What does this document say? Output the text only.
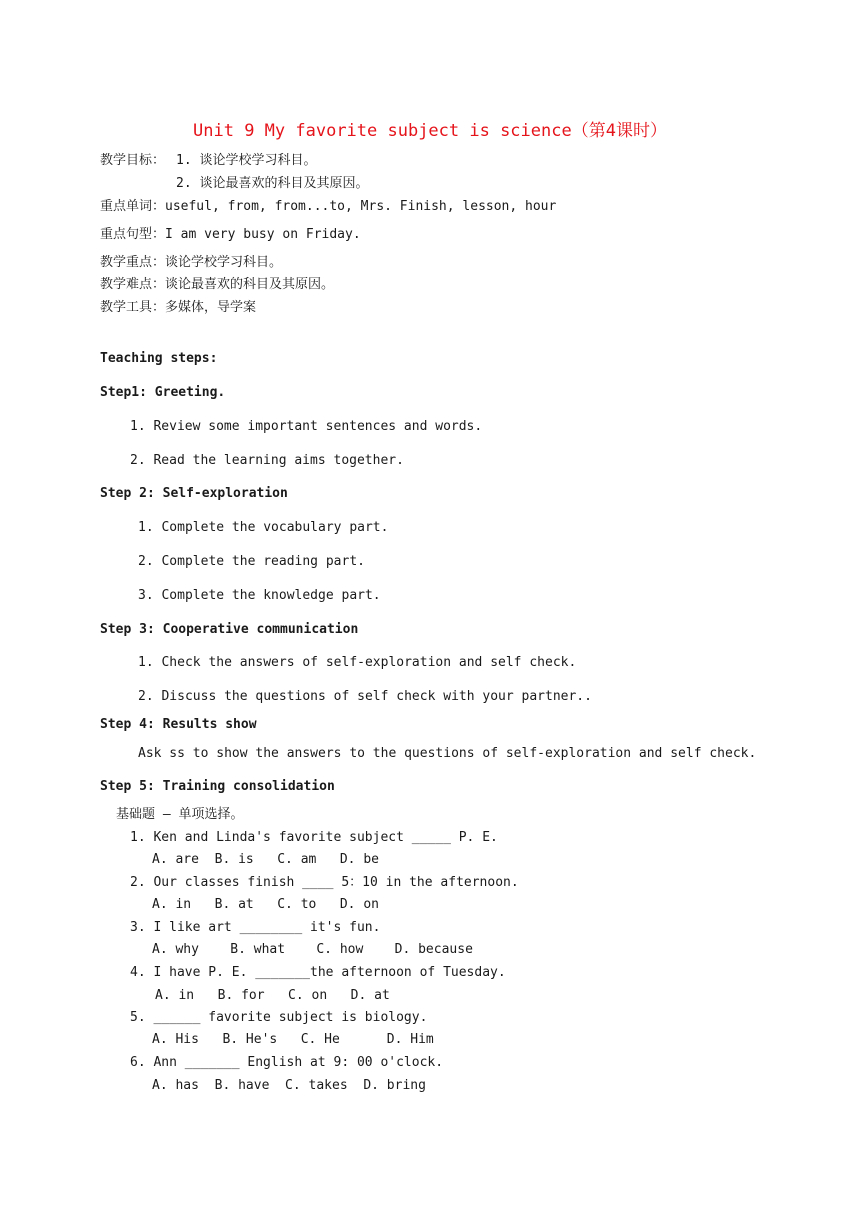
Unit 9 My favorite subject is science（第4课时）
教学目标： 1. 谈论学校学习科目。
2. 谈论最喜欢的科目及其原因。
重点单词：useful, from, from...to, Mrs. Finish, lesson, hour
重点句型：I am very busy on Friday.
教学重点：谈论学校学习科目。
教学难点：谈论最喜欢的科目及其原因。
教学工具：多媒体，导学案
Teaching steps:
Step1: Greeting.
1. Review some important sentences and words.
2. Read the learning aims together.
Step 2: Self-exploration
1. Complete the vocabulary part.
2. Complete the reading part.
3. Complete the knowledge part.
Step 3: Cooperative communication
1. Check the answers of self-exploration and self check.
2. Discuss the questions of self check with your partner..
Step 4: Results show
Ask ss to show the answers to the questions of self-exploration and self check.
Step 5: Training consolidation
基础题 — 单项选择。
1. Ken and Linda's favorite subject _____ P. E.
A. are  B. is   C. am   D. be
2. Our classes finish ____ 5：10 in the afternoon.
A. in   B. at   C. to   D. on
3. I like art ________ it's fun.
A. why    B. what    C. how    D. because
4. I have P. E. _______the afternoon of Tuesday.
A. in   B. for   C. on   D. at
5. ______ favorite subject is biology.
A. His   B. He's   C. He      D. Him
6. Ann _______ English at 9: 00 o'clock.
A. has  B. have  C. takes  D. bring
